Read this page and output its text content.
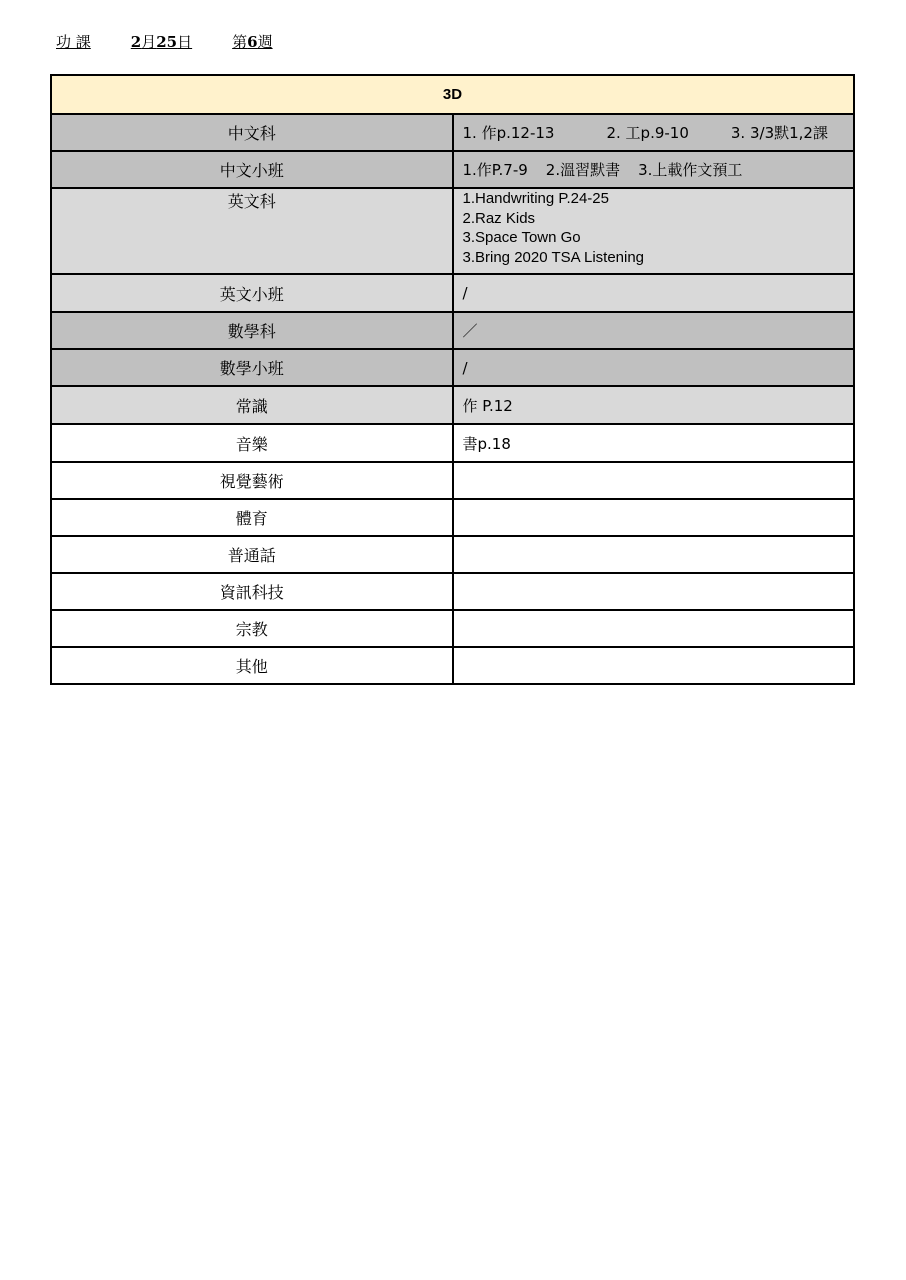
功 課	2月25日	第6週
3D	
中文科	1. 作p.12-13 2. 工p.9-10 3. 3/3默1,2課
中文小班	1.作P.7-9 2.溫習默書 3.上載作文預工
英文科	1.Handwriting P.24-25
2.Raz Kids
3.Space Town Go
3.Bring 2020 TSA Listening

英文小班	/
數學科	／
數學小班	/
常識	作 P.12
音樂	書p.18
視覺藝術	
體育	
普通話	
資訊科技	
宗教	
其他	
